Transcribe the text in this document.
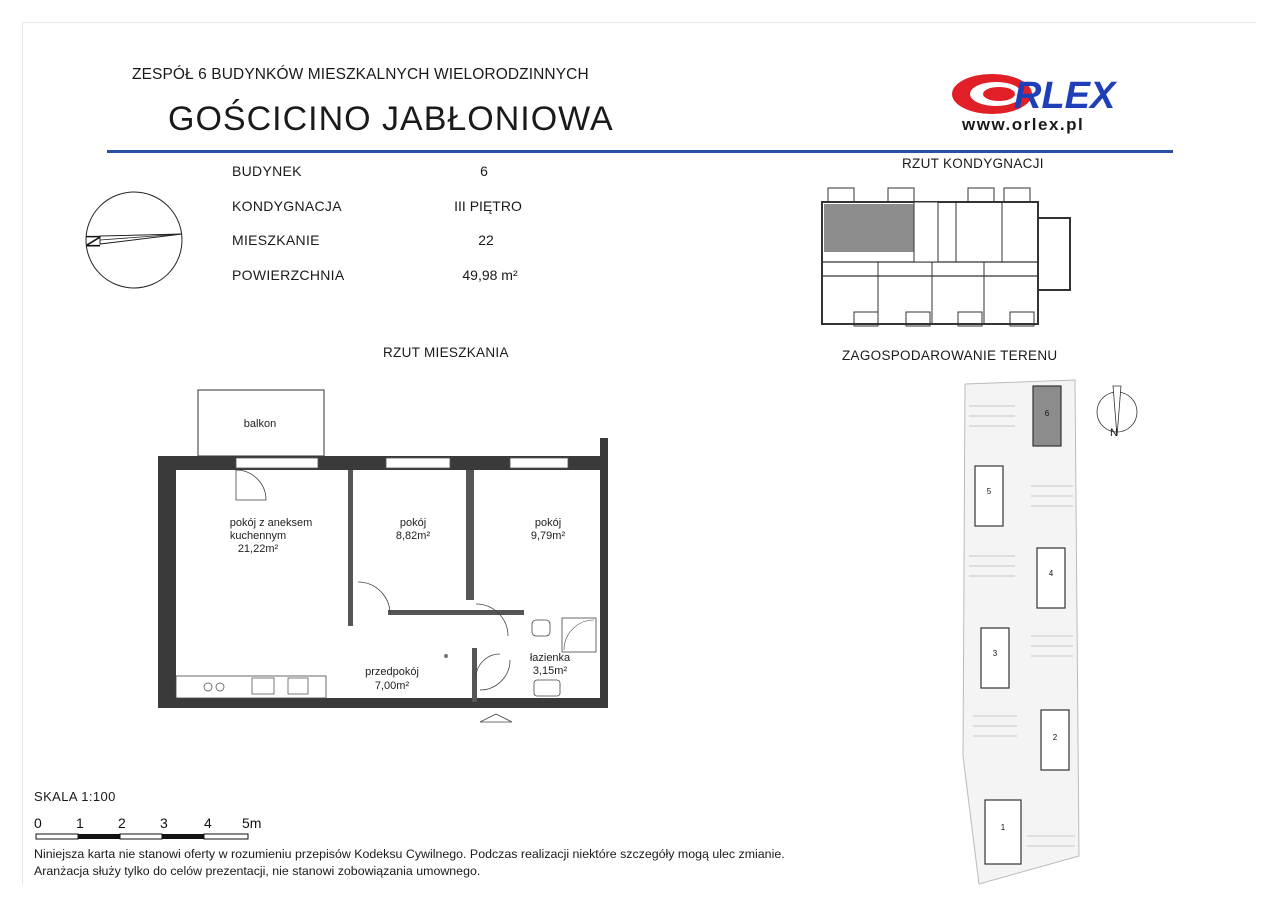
ZESPÓŁ 6 BUDYNKÓW MIESZKALNYCH WIELORODZINNYCH
GOŚCICINO JABŁONIOWA
RLEX
www.orlex.pl
N
BUDYNEK	6
KONDYGNACJA	III PIĘTRO
MIESZKANIE	22
POWIERZCHNIA	49,98 m²
RZUT MIESZKANIA
RZUT KONDYGNACJI
ZAGOSPODAROWANIE TERENU
balkon
pokój z aneksem
kuchennym
21,22m²
pokój
8,82m²
pokój
9,79m²
przedpokój
7,00m²
łazienka
3,15m²
6
5
4
3
2
1
N
SKALA 1:100
0 1 2 3	4 5m
Niniejsza karta nie stanowi oferty w rozumieniu przepisów Kodeksu Cywilnego. Podczas realizacji niektóre szczegóły mogą ulec zmianie.
Aranżacja służy tylko do celów prezentacji, nie stanowi zobowiązania umownego.
